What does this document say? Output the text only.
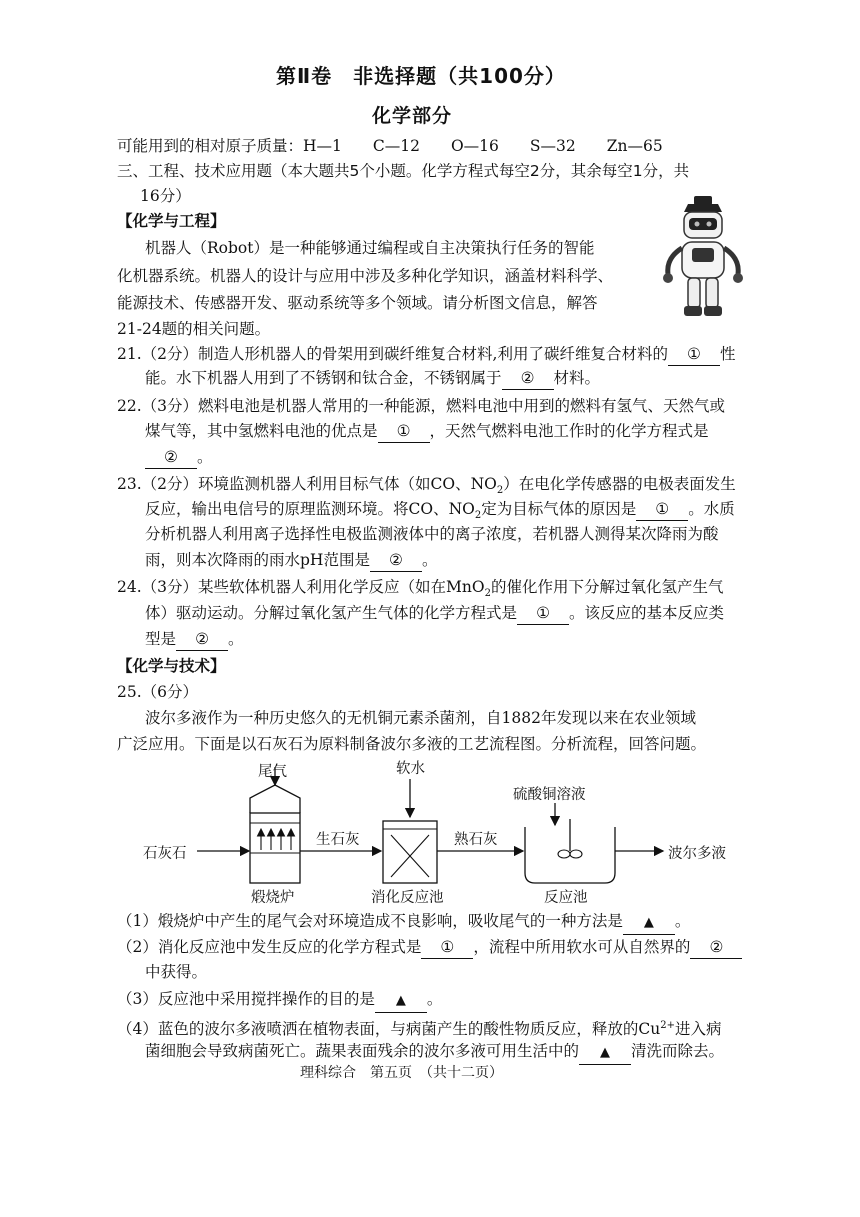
第Ⅱ卷　非选择题（共100分）
化学部分
可能用到的相对原子质量：H—1　　C—12　　O—16　　S—32　　Zn—65
三、工程、技术应用题（本大题共5个小题。化学方程式每空2分，其余每空1分，共
16分）
【化学与工程】
机器人（Robot）是一种能够通过编程或自主决策执行任务的智能
化机器系统。机器人的设计与应用中涉及多种化学知识，涵盖材料科学、
能源技术、传感器开发、驱动系统等多个领域。请分析图文信息，解答
21-24题的相关问题。
21.（2分）制造人形机器人的骨架用到碳纤维复合材料,利用了碳纤维复合材料的 ① 性
能。水下机器人用到了不锈钢和钛合金，不锈钢属于 ② 材料。
22.（3分）燃料电池是机器人常用的一种能源，燃料电池中用到的燃料有氢气、天然气或
煤气等，其中氢燃料电池的优点是 ① ，天然气燃料电池工作时的化学方程式是
② 。
23.（2分）环境监测机器人利用目标气体（如CO、$NO_2$）在电化学传感器的电极表面发生
反应，输出电信号的原理监测环境。将CO、$NO_2$定为目标气体的原因是 ① 。水质
分析机器人利用离子选择性电极监测液体中的离子浓度，若机器人测得某次降雨为酸
雨，则本次降雨的雨水pH范围是 ② 。
24.（3分）某些软体机器人利用化学反应（如在MnO$_2$的催化作用下分解过氧化氢产生气
体）驱动运动。分解过氧化氢产生气体的化学方程式是 ① 。该反应的基本反应类
型是 ② 。
【化学与技术】
25.（6分）
波尔多液作为一种历史悠久的无机铜元素杀菌剂，自1882年发现以来在农业领域
广泛应用。下面是以石灰石为原料制备波尔多液的工艺流程图。分析流程，回答问题。
尾气
石灰石
煅烧炉
生石灰
软水
消化反应池
熟石灰
硫酸铜溶液
反应池
波尔多液
（1）煅烧炉中产生的尾气会对环境造成不良影响，吸收尾气的一种方法是 ▲ 。
（2）消化反应池中发生反应的化学方程式是 ① ，流程中所用软水可从自然界的 ②
中获得。
（3）反应池中采用搅拌操作的目的是 ▲ 。
（4）蓝色的波尔多液喷洒在植物表面，与病菌产生的酸性物质反应，释放的$Cu^{2+}$进入病
菌细胞会导致病菌死亡。蔬果表面残余的波尔多液可用生活中的 ▲ 清洗而除去。
理科综合　第五页　（共十二页）
